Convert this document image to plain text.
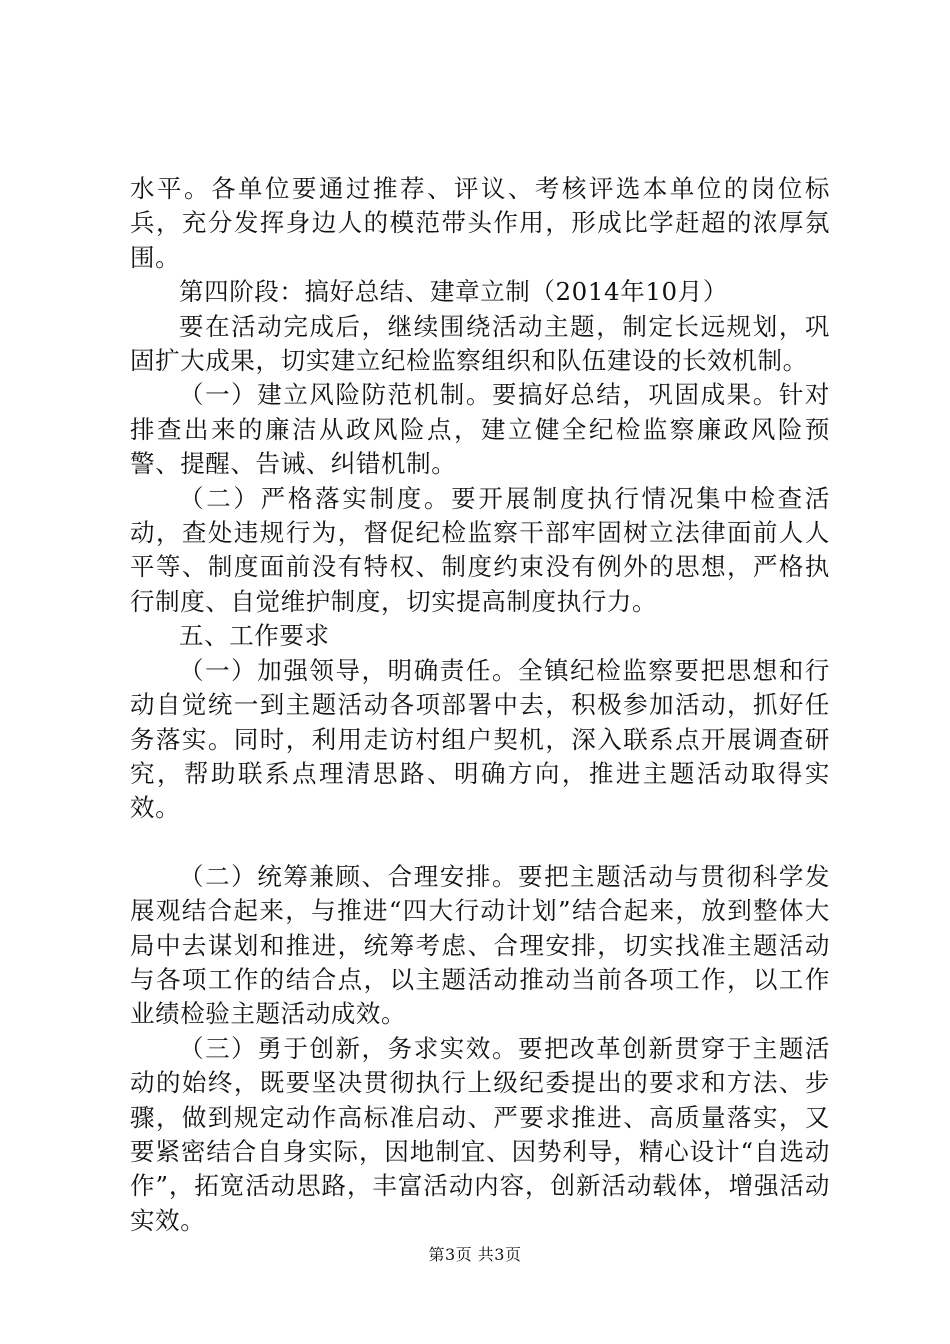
水平。各单位要通过推荐、评议、考核评选本单位的岗位标兵，充分发挥身边人的模范带头作用，形成比学赶超的浓厚氛围。

第四阶段：搞好总结、建章立制（2014年10月）

要在活动完成后，继续围绕活动主题，制定长远规划，巩固扩大成果，切实建立纪检监察组织和队伍建设的长效机制。

（一）建立风险防范机制。要搞好总结，巩固成果。针对排查出来的廉洁从政风险点，建立健全纪检监察廉政风险预警、提醒、告诫、纠错机制。

（二）严格落实制度。要开展制度执行情况集中检查活动，查处违规行为，督促纪检监察干部牢固树立法律面前人人平等、制度面前没有特权、制度约束没有例外的思想，严格执行制度、自觉维护制度，切实提高制度执行力。

五、工作要求

（一）加强领导，明确责任。全镇纪检监察要把思想和行动自觉统一到主题活动各项部署中去，积极参加活动，抓好任务落实。同时，利用走访村组户契机，深入联系点开展调查研究，帮助联系点理清思路、明确方向，推进主题活动取得实效。

（二）统筹兼顾、合理安排。要把主题活动与贯彻科学发展观结合起来，与推进“四大行动计划”结合起来，放到整体大局中去谋划和推进，统筹考虑、合理安排，切实找准主题活动与各项工作的结合点，以主题活动推动当前各项工作，以工作业绩检验主题活动成效。

（三）勇于创新，务求实效。要把改革创新贯穿于主题活动的始终，既要坚决贯彻执行上级纪委提出的要求和方法、步骤，做到规定动作高标准启动、严要求推进、高质量落实，又要紧密结合自身实际，因地制宜、因势利导，精心设计“自选动作”，拓宽活动思路，丰富活动内容，创新活动载体，增强活动实效。

第3页 共3页
